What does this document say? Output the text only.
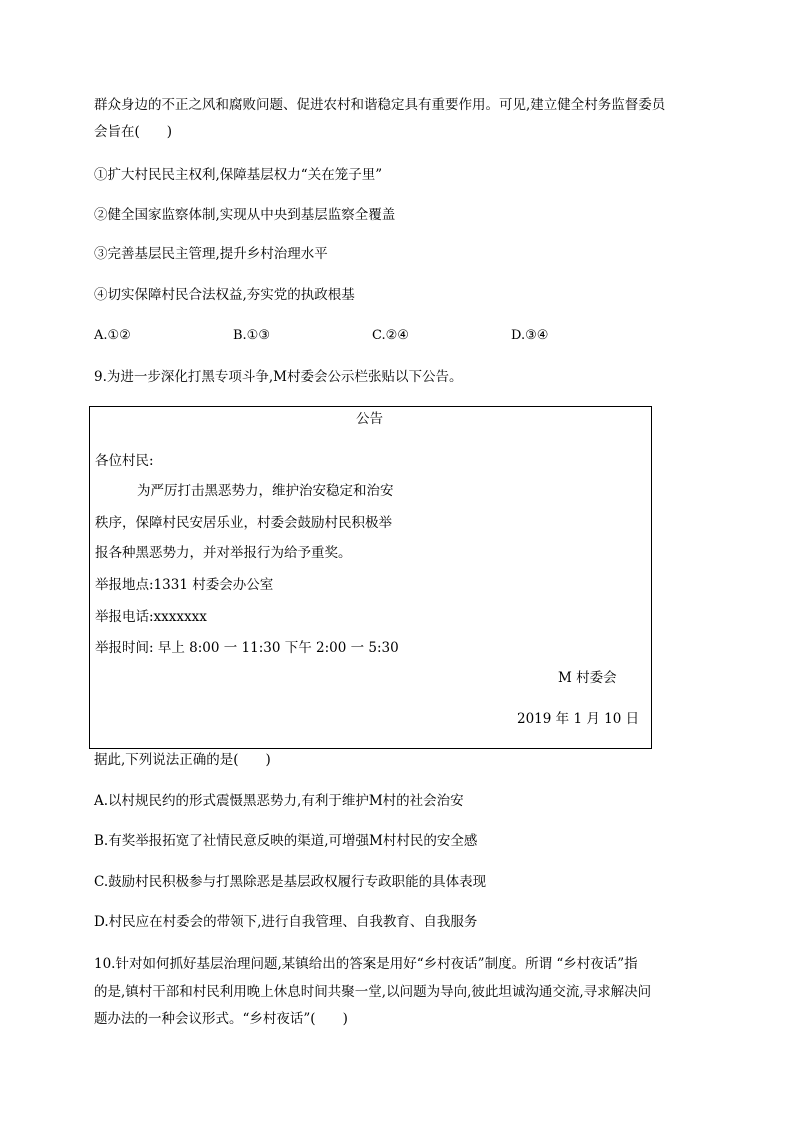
群众身边的不正之风和腐败问题、促进农村和谐稳定具有重要作用。可见,建立健全村务监督委员
会旨在(　　)
①扩大村民民主权利,保障基层权力“关在笼子里”
②健全国家监察体制,实现从中央到基层监察全覆盖
③完善基层民主管理,提升乡村治理水平
④切实保障村民合法权益,夯实党的执政根基
A.①②	B.①③	C.②④	D.③④
9.为进一步深化打黑专项斗争,M村委会公示栏张贴以下公告。
公告
各位村民:
为严厉打击黑恶势力，维护治安稳定和治安
秩序，保障村民安居乐业，村委会鼓励村民积极举
报各种黑恶势力，并对举报行为给予重奖。
举报地点:1331 村委会办公室
举报电话:xxxxxxx
举报时间: 早上 8:00 一 11:30 下午 2:00 一 5:30
M 村委会
2019 年 1 月 10 日
据此,下列说法正确的是(　　)
A.以村规民约的形式震慑黑恶势力,有利于维护M村的社会治安
B.有奖举报拓宽了社情民意反映的渠道,可增强M村村民的安全感
C.鼓励村民积极参与打黑除恶是基层政权履行专政职能的具体表现
D.村民应在村委会的带领下,进行自我管理、自我教育、自我服务
10.针对如何抓好基层治理问题,某镇给出的答案是用好“乡村夜话”制度。所谓 “乡村夜话”指
的是,镇村干部和村民利用晚上休息时间共聚一堂,以问题为导向,彼此坦诚沟通交流,寻求解决问
题办法的一种会议形式。“乡村夜话”(　　)
